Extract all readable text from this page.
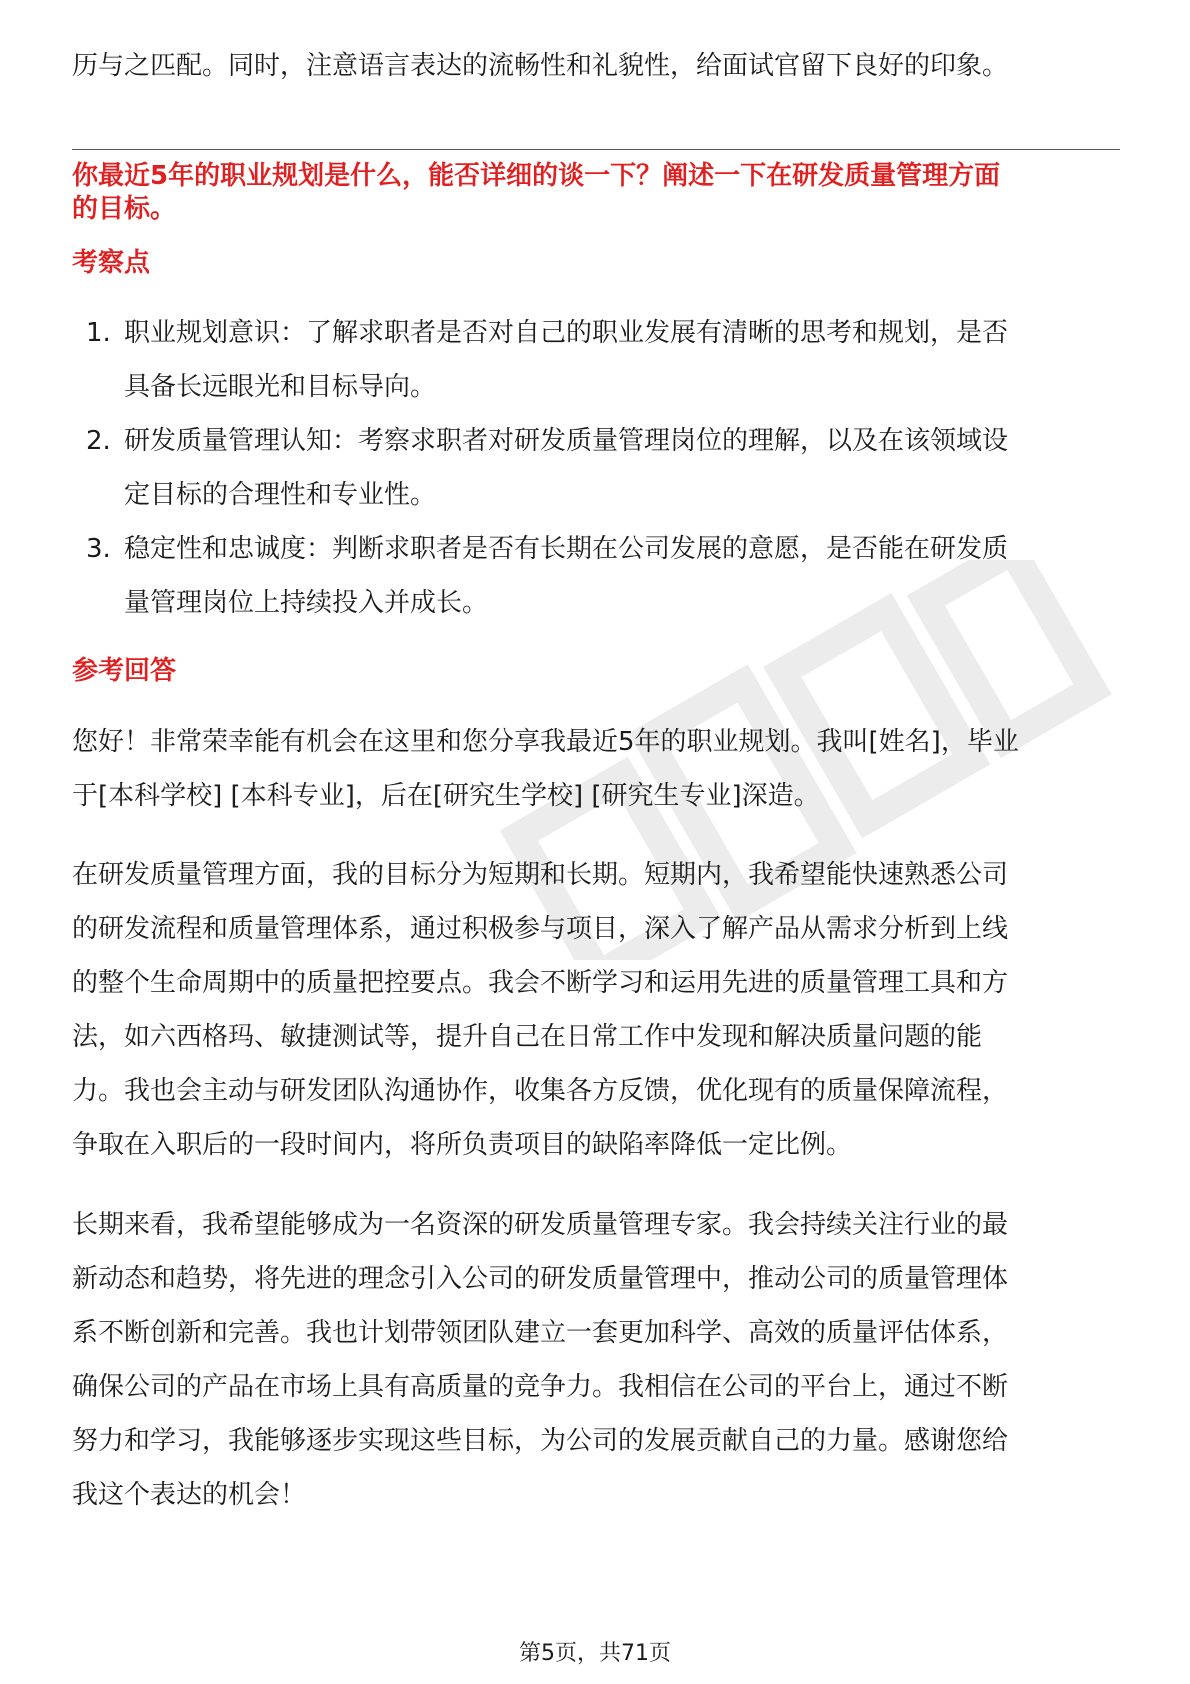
历与之匹配。同时，注意语言表达的流畅性和礼貌性，给面试官留下良好的印象。
你最近5年的职业规划是什么，能否详细的谈一下？阐述一下在研发质量管理方面
的目标。
考察点
1. 职业规划意识：了解求职者是否对自己的职业发展有清晰的思考和规划，是否
具备长远眼光和目标导向。
2. 研发质量管理认知：考察求职者对研发质量管理岗位的理解，以及在该领域设
定目标的合理性和专业性。
3. 稳定性和忠诚度：判断求职者是否有长期在公司发展的意愿，是否能在研发质
量管理岗位上持续投入并成长。
参考回答
您好！非常荣幸能有机会在这里和您分享我最近5年的职业规划。我叫[姓名]，毕业
于[本科学校] [本科专业]，后在[研究生学校] [研究生专业]深造。
在研发质量管理方面，我的目标分为短期和长期。短期内，我希望能快速熟悉公司
的研发流程和质量管理体系，通过积极参与项目，深入了解产品从需求分析到上线
的整个生命周期中的质量把控要点。我会不断学习和运用先进的质量管理工具和方
法，如六西格玛、敏捷测试等，提升自己在日常工作中发现和解决质量问题的能
力。我也会主动与研发团队沟通协作，收集各方反馈，优化现有的质量保障流程，
争取在入职后的一段时间内，将所负责项目的缺陷率降低一定比例。
长期来看，我希望能够成为一名资深的研发质量管理专家。我会持续关注行业的最
新动态和趋势，将先进的理念引入公司的研发质量管理中，推动公司的质量管理体
系不断创新和完善。我也计划带领团队建立一套更加科学、高效的质量评估体系，
确保公司的产品在市场上具有高质量的竞争力。我相信在公司的平台上，通过不断
努力和学习，我能够逐步实现这些目标，为公司的发展贡献自己的力量。感谢您给
我这个表达的机会！
第5页，共71页
